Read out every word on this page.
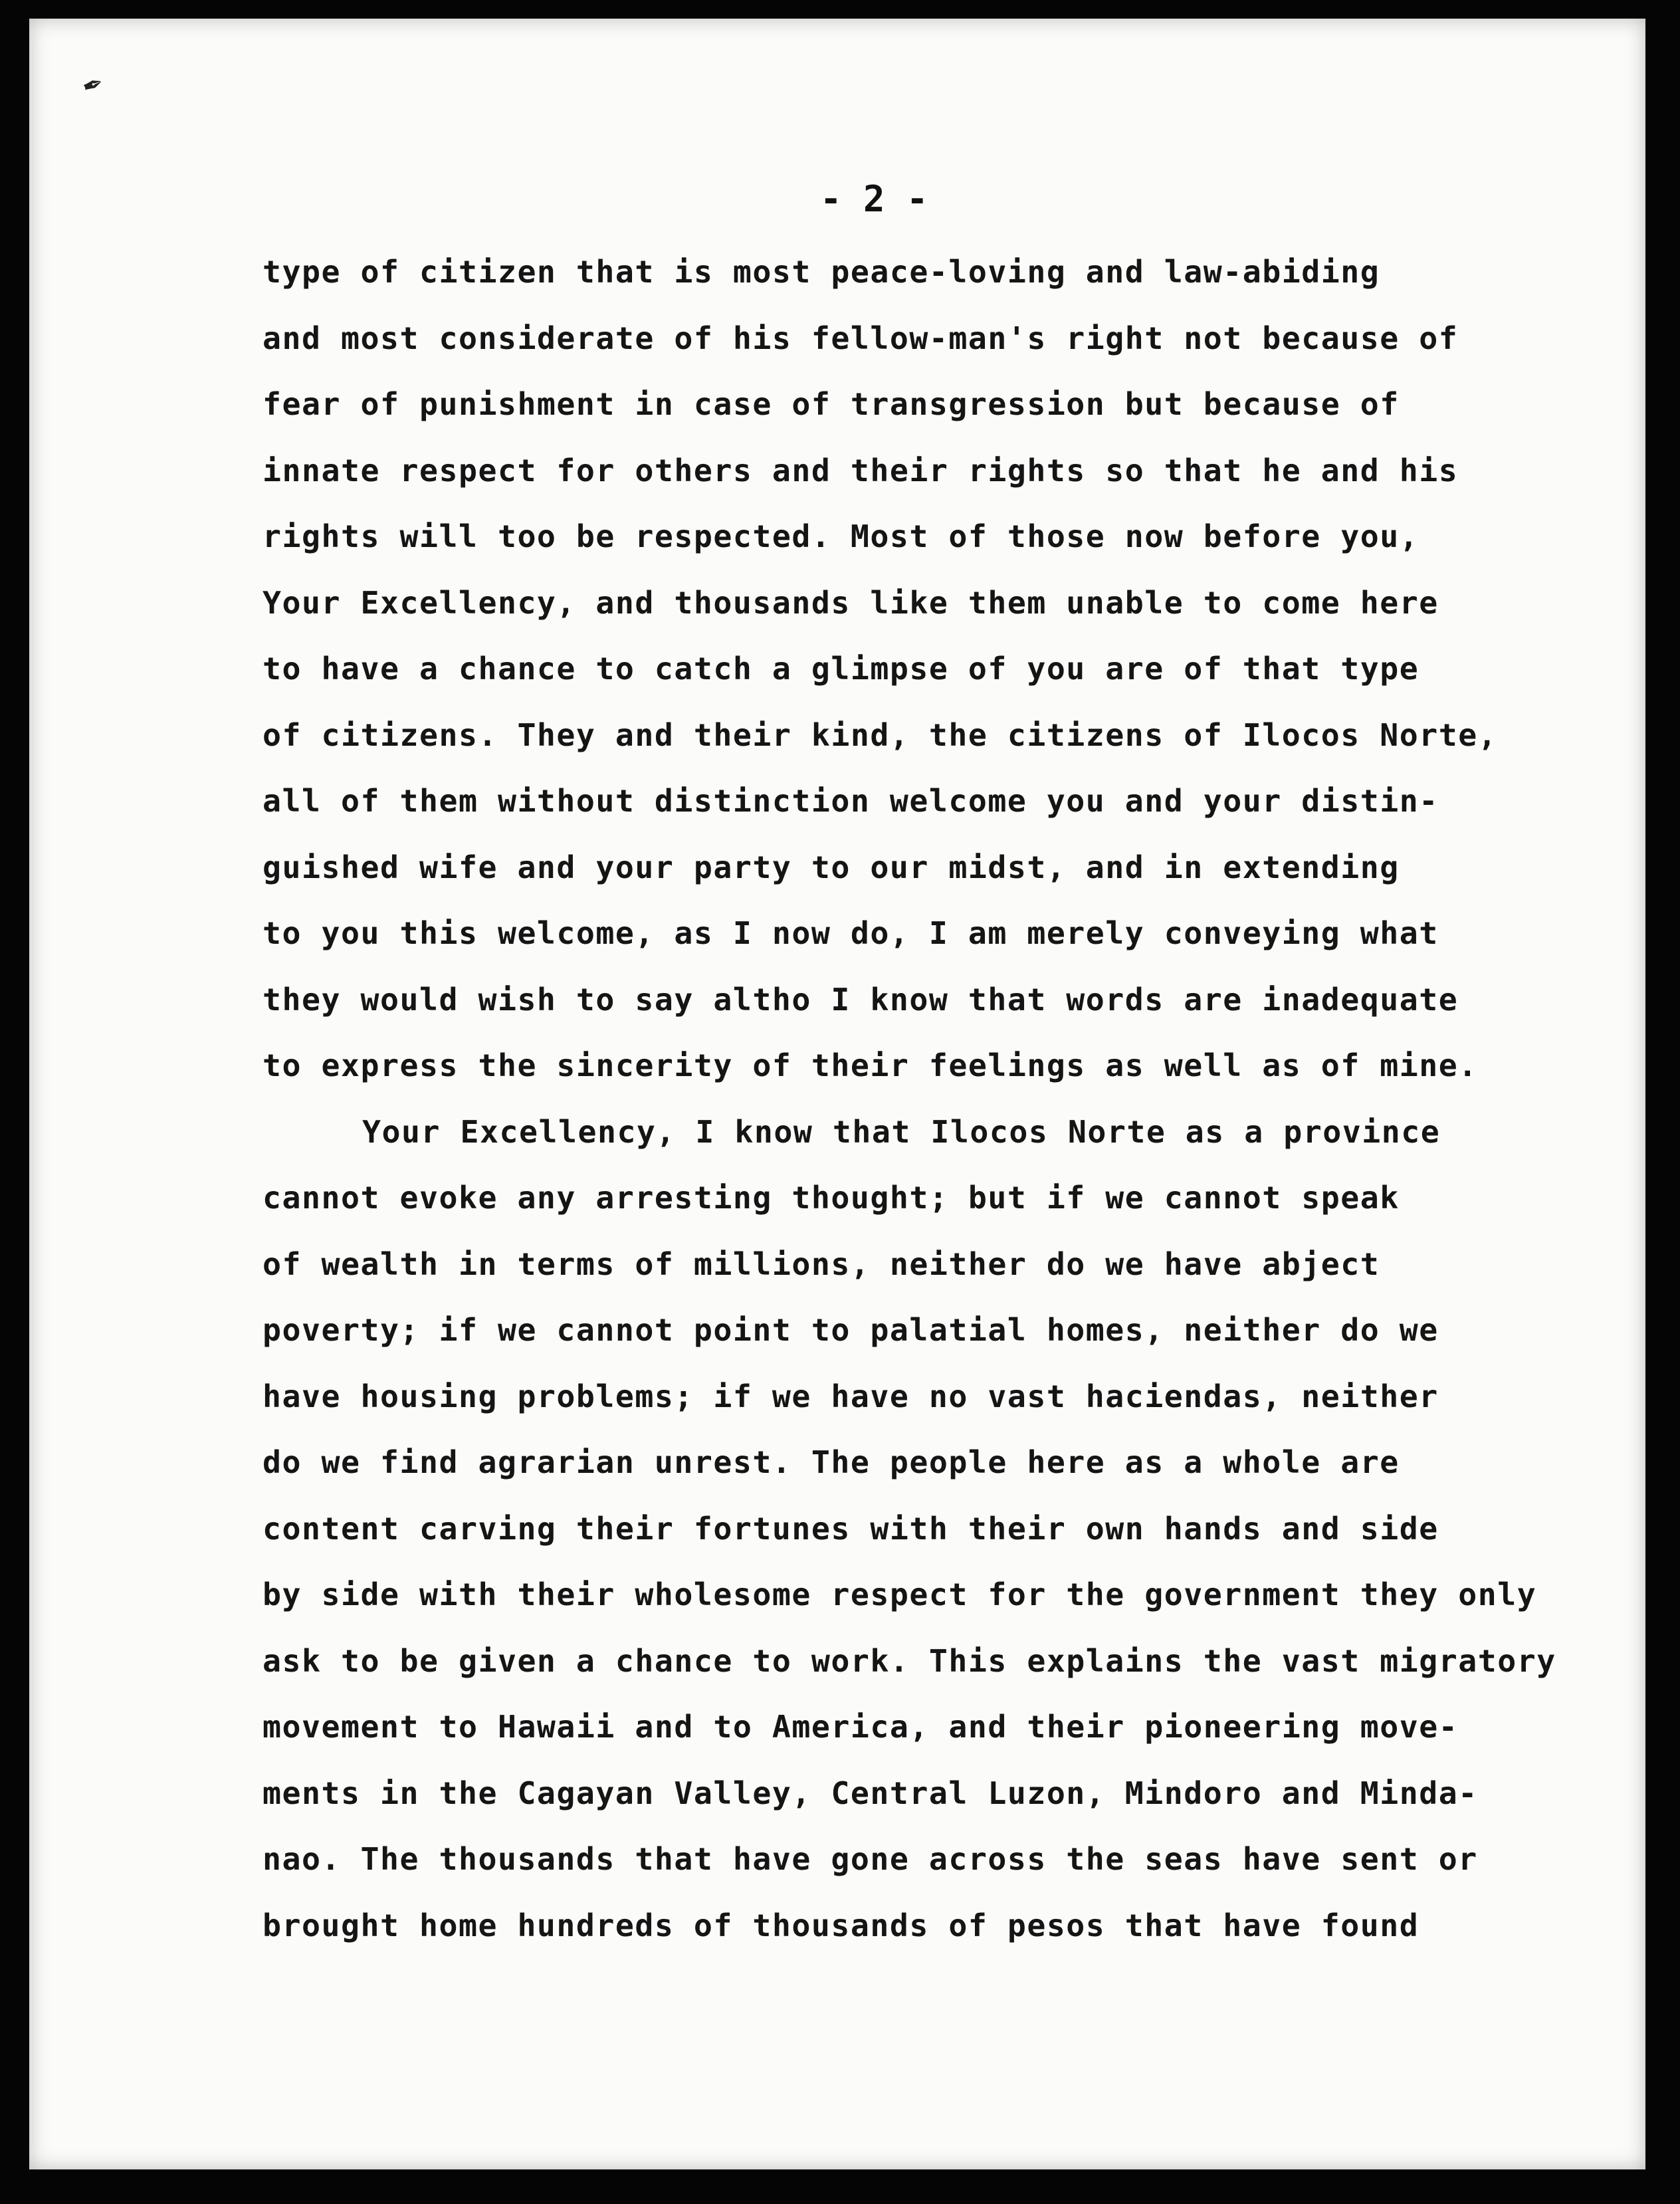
✒
- 2 -
type of citizen that is most peace-loving and law-abiding
and most considerate of his fellow-man's right not because of
fear of punishment in case of transgression but because of
innate respect for others and their rights so that he and his
rights will too be respected. Most of those now before you,
Your Excellency, and thousands like them unable to come here
to have a chance to catch a glimpse of you are of that type
of citizens. They and their kind, the citizens of Ilocos Norte,
all of them without distinction welcome you and your distin-
guished wife and your party to our midst, and in extending
to you this welcome, as I now do, I am merely conveying what
they would wish to say altho I know that words are inadequate
to express the sincerity of their feelings as well as of mine.
Your Excellency, I know that Ilocos Norte as a province
cannot evoke any arresting thought; but if we cannot speak
of wealth in terms of millions, neither do we have abject
poverty; if we cannot point to palatial homes, neither do we
have housing problems; if we have no vast haciendas, neither
do we find agrarian unrest. The people here as a whole are
content carving their fortunes with their own hands and side
by side with their wholesome respect for the government they only
ask to be given a chance to work. This explains the vast migratory
movement to Hawaii and to America, and their pioneering move-
ments in the Cagayan Valley, Central Luzon, Mindoro and Minda-
nao. The thousands that have gone across the seas have sent or
brought home hundreds of thousands of pesos that have found
